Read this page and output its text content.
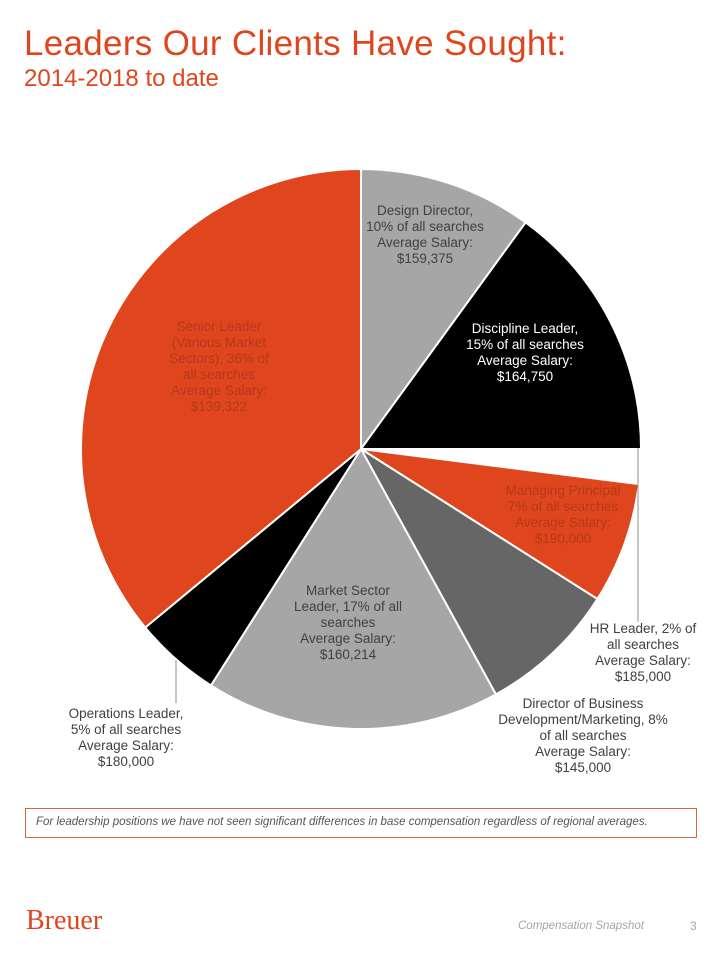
Leaders Our Clients Have Sought:
2014-2018 to date
Design Director, 10% of all searches Average Salary: $159,375
Discipline Leader, 15% of all searches Average Salary: $164,750
HR Leader, 2% of all searches Average Salary: $185,000
Managing Principal 7% of all searches Average Salary: $190,000
Director of Business Development/Marketing, 8% of all searches Average Salary: $145,000
Market Sector Leader, 17% of all searches Average Salary: $160,214
Operations Leader, 5% of all searches Average Salary: $180,000
Senior Leader (Various Market Sectors), 36% of all searches Average Salary: $139,322
For leadership positions we have not seen significant differences in base compensation regardless of regional averages.
Breuer	Compensation Snapshot	3
